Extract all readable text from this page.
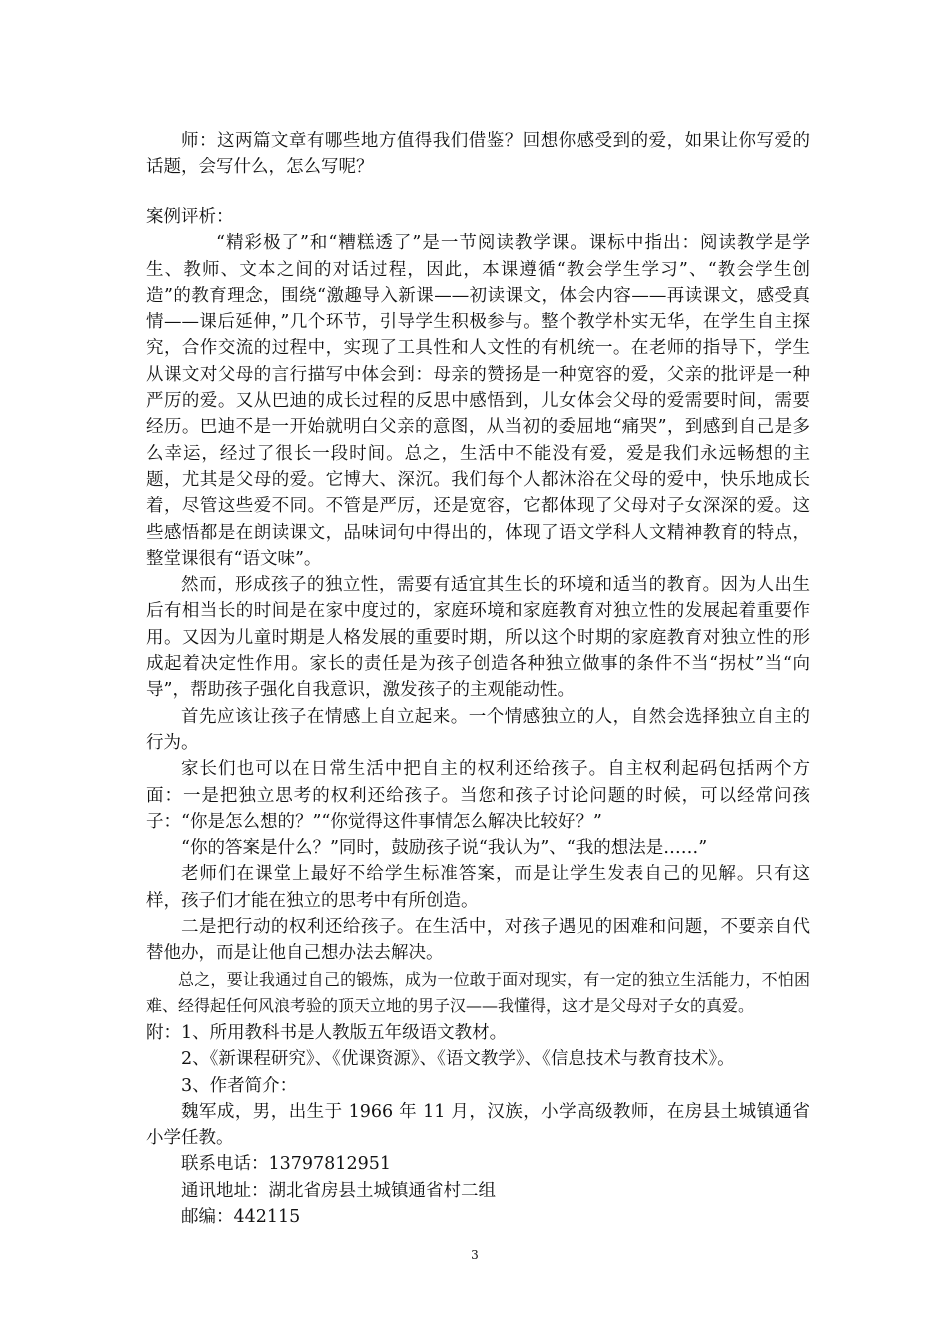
师：这两篇文章有哪些地方值得我们借鉴？回想你感受到的爱，如果让你写爱的话题，会写什么，怎么写呢？

案例评析：

“精彩极了”和“糟糕透了”是一节阅读教学课。课标中指出：阅读教学是学生、教师、文本之间的对话过程，因此，本课遵循“教会学生学习”、“教会学生创造”的教育理念，围绕“激趣导入新课——初读课文，体会内容——再读课文，感受真情——课后延伸，”几个环节，引导学生积极参与。整个教学朴实无华，在学生自主探究，合作交流的过程中，实现了工具性和人文性的有机统一。在老师的指导下，学生从课文对父母的言行描写中体会到：母亲的赞扬是一种宽容的爱，父亲的批评是一种严厉的爱。又从巴迪的成长过程的反思中感悟到，儿女体会父母的爱需要时间，需要经历。巴迪不是一开始就明白父亲的意图，从当初的委屈地“痛哭”，到感到自己是多么幸运，经过了很长一段时间。总之，生活中不能没有爱，爱是我们永远畅想的主题，尤其是父母的爱。它博大、深沉。我们每个人都沐浴在父母的爱中，快乐地成长着，尽管这些爱不同。不管是严厉，还是宽容，它都体现了父母对子女深深的爱。这些感悟都是在朗读课文，品味词句中得出的，体现了语文学科人文精神教育的特点，整堂课很有“语文味”。

然而，形成孩子的独立性，需要有适宜其生长的环境和适当的教育。因为人出生后有相当长的时间是在家中度过的，家庭环境和家庭教育对独立性的发展起着重要作用。又因为儿童时期是人格发展的重要时期，所以这个时期的家庭教育对独立性的形成起着决定性作用。家长的责任是为孩子创造各种独立做事的条件不当“拐杖”当“向导”，帮助孩子强化自我意识，激发孩子的主观能动性。

首先应该让孩子在情感上自立起来。一个情感独立的人，自然会选择独立自主的行为。

家长们也可以在日常生活中把自主的权利还给孩子。自主权利起码包括两个方面：一是把独立思考的权利还给孩子。当您和孩子讨论问题的时候，可以经常问孩子：“你是怎么想的？”“你觉得这件事情怎么解决比较好？”

“你的答案是什么？”同时，鼓励孩子说“我认为”、“我的想法是……”

老师们在课堂上最好不给学生标准答案，而是让学生发表自己的见解。只有这样，孩子们才能在独立的思考中有所创造。

二是把行动的权利还给孩子。在生活中，对孩子遇见的困难和问题，不要亲自代替他办，而是让他自己想办法去解决。

总之，要让我通过自己的锻炼，成为一位敢于面对现实，有一定的独立生活能力，不怕困难、经得起任何风浪考验的顶天立地的男子汉——我懂得，这才是父母对子女的真爱。

附：1、所用教科书是人教版五年级语文教材。

2、《新课程研究》、《优课资源》、《语文教学》、《信息技术与教育技术》。

3、作者简介：

魏军成，男，出生于 1966 年 11 月，汉族，小学高级教师，在房县土城镇通省小学任教。

联系电话：13797812951

通讯地址：湖北省房县土城镇通省村二组

邮编：442115

3
